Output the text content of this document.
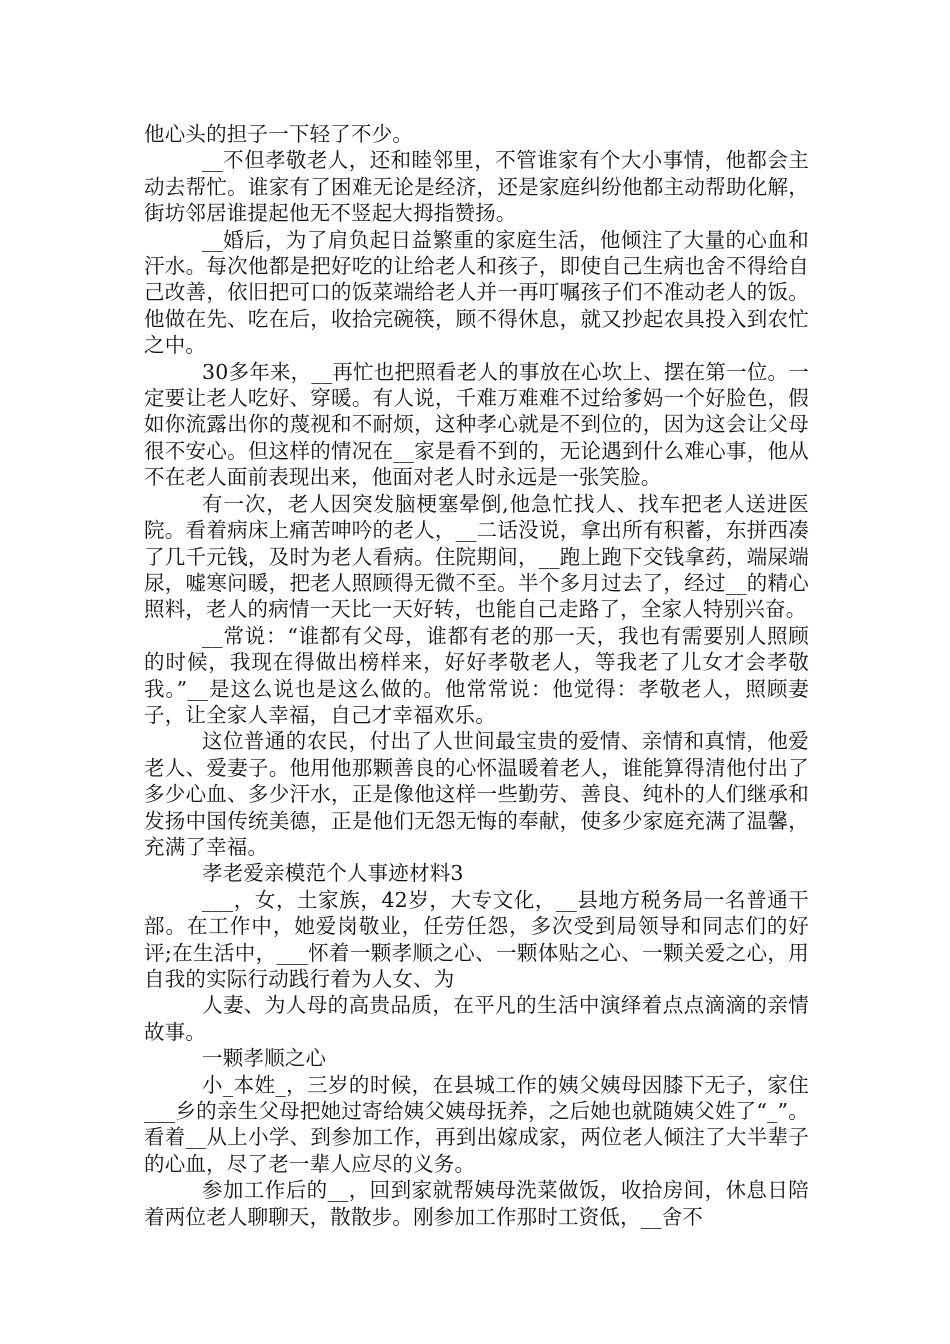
他心头的担子一下轻了不少。

__不但孝敬老人，还和睦邻里，不管谁家有个大小事情，他都会主动去帮忙。谁家有了困难无论是经济，还是家庭纠纷他都主动帮助化解，街坊邻居谁提起他无不竖起大拇指赞扬。

__婚后，为了肩负起日益繁重的家庭生活，他倾注了大量的心血和汗水。每次他都是把好吃的让给老人和孩子，即使自己生病也舍不得给自己改善，依旧把可口的饭菜端给老人并一再叮嘱孩子们不准动老人的饭。他做在先、吃在后，收拾完碗筷，顾不得休息，就又抄起农具投入到农忙之中。

30多年来，__再忙也把照看老人的事放在心坎上、摆在第一位。一定要让老人吃好、穿暖。有人说，千难万难难不过给爹妈一个好脸色，假如你流露出你的蔑视和不耐烦，这种孝心就是不到位的，因为这会让父母很不安心。但这样的情况在__家是看不到的，无论遇到什么难心事，他从不在老人面前表现出来，他面对老人时永远是一张笑脸。

有一次，老人因突发脑梗塞晕倒,他急忙找人、找车把老人送进医院。看着病床上痛苦呻吟的老人，__二话没说，拿出所有积蓄，东拼西凑了几千元钱，及时为老人看病。住院期间，__跑上跑下交钱拿药，端屎端尿，嘘寒问暖，把老人照顾得无微不至。半个多月过去了，经过__的精心照料，老人的病情一天比一天好转，也能自己走路了，全家人特别兴奋。

__常说：“谁都有父母，谁都有老的那一天，我也有需要别人照顾的时候，我现在得做出榜样来，好好孝敬老人，等我老了儿女才会孝敬我。”__是这么说也是这么做的。他常常说：他觉得：孝敬老人，照顾妻子，让全家人幸福，自己才幸福欢乐。

这位普通的农民，付出了人世间最宝贵的爱情、亲情和真情，他爱老人、爱妻子。他用他那颗善良的心怀温暖着老人，谁能算得清他付出了多少心血、多少汗水，正是像他这样一些勤劳、善良、纯朴的人们继承和发扬中国传统美德，正是他们无怨无悔的奉献，使多少家庭充满了温馨，充满了幸福。

孝老爱亲模范个人事迹材料3

___，女，土家族，42岁，大专文化，__县地方税务局一名普通干部。在工作中，她爱岗敬业，任劳任怨，多次受到局领导和同志们的好评;在生活中，___怀着一颗孝顺之心、一颗体贴之心、一颗关爱之心，用自我的实际行动践行着为人女、为

人妻、为人母的高贵品质，在平凡的生活中演绎着点点滴滴的亲情故事。

一颗孝顺之心

小_本姓_，三岁的时候，在县城工作的姨父姨母因膝下无子，家住___乡的亲生父母把她过寄给姨父姨母抚养，之后她也就随姨父姓了“_”。看着__从上小学、到参加工作，再到出嫁成家，两位老人倾注了大半辈子的心血，尽了老一辈人应尽的义务。

参加工作后的__，回到家就帮姨母洗菜做饭，收拾房间，休息日陪着两位老人聊聊天，散散步。刚参加工作那时工资低，__舍不
